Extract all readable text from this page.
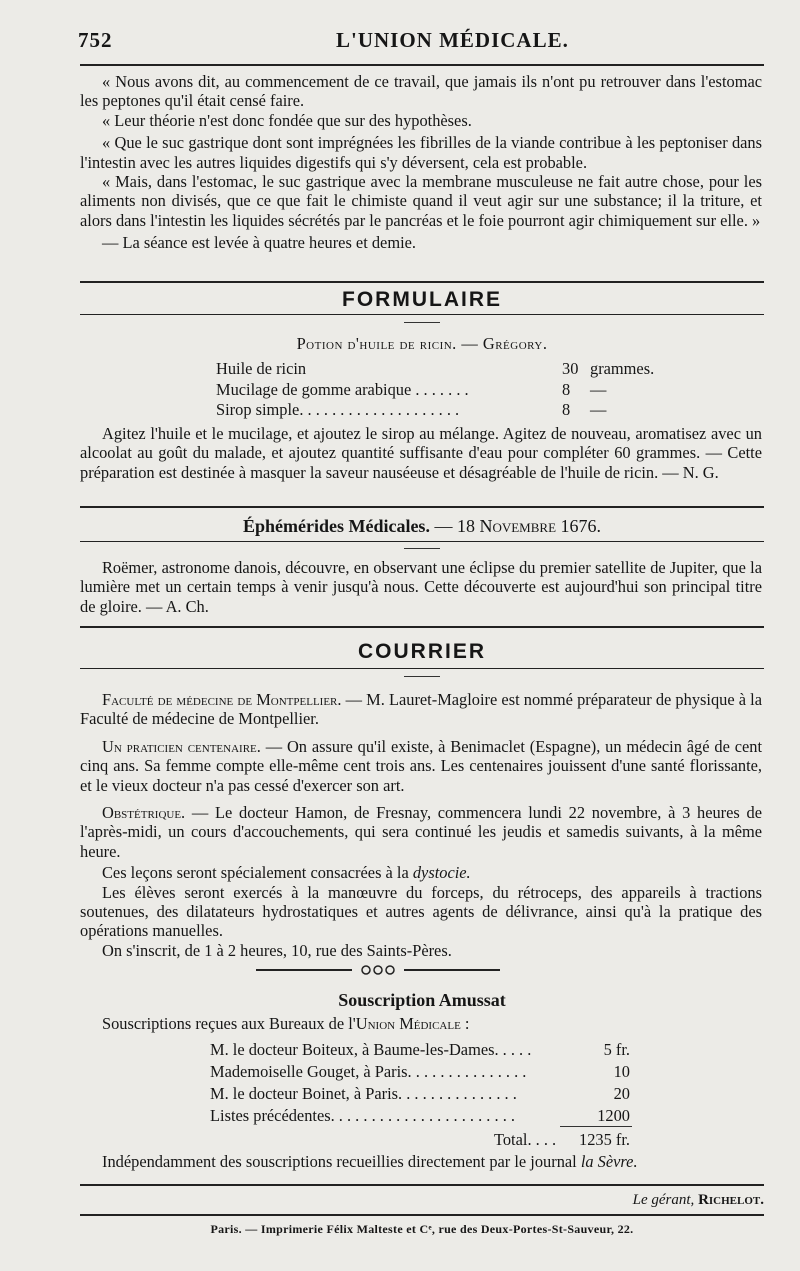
752	L'UNION MÉDICALE.

« Nous avons dit, au commencement de ce travail, que jamais ils n'ont pu retrouver dans l'estomac les peptones qu'il était censé faire.

« Leur théorie n'est donc fondée que sur des hypothèses.

« Que le suc gastrique dont sont imprégnées les fibrilles de la viande contribue à les peptoniser dans l'intestin avec les autres liquides digestifs qui s'y déversent, cela est probable.

« Mais, dans l'estomac, le suc gastrique avec la membrane musculeuse ne fait autre chose, pour les aliments non divisés, que ce que fait le chimiste quand il veut agir sur une substance; il la triture, et alors dans l'intestin les liquides sécrétés par le pancréas et le foie pourront agir chimiquement sur elle. »

— La séance est levée à quatre heures et demie.

FORMULAIRE
Potion d'huile de ricin. — Grégory.
Huile de ricin	30 grammes.
Mucilage de gomme arabique . . . . . . .	8 —
Sirop simple. . . . . . . . . . . . . . . . . . . .	8 —

Agitez l'huile et le mucilage, et ajoutez le sirop au mélange. Agitez de nouveau, aromatisez avec un alcoolat au goût du malade, et ajoutez quantité suffisante d'eau pour compléter 60 grammes. — Cette préparation est destinée à masquer la saveur nauséeuse et désagréable de l'huile de ricin. — N. G.

Éphémérides Médicales. — 18 Novembre 1676.

Roëmer, astronome danois, découvre, en observant une éclipse du premier satellite de Jupiter, que la lumière met un certain temps à venir jusqu'à nous. Cette découverte est aujourd'hui son principal titre de gloire. — A. Ch.

COURRIER

Faculté de médecine de Montpellier. — M. Lauret-Magloire est nommé préparateur de physique à la Faculté de médecine de Montpellier.

Un praticien centenaire. — On assure qu'il existe, à Benimaclet (Espagne), un médecin âgé de cent cinq ans. Sa femme compte elle-même cent trois ans. Les centenaires jouissent d'une santé florissante, et le vieux docteur n'a pas cessé d'exercer son art.

Obstétrique. — Le docteur Hamon, de Fresnay, commencera lundi 22 novembre, à 3 heures de l'après-midi, un cours d'accouchements, qui sera continué les jeudis et samedis suivants, à la même heure.

Ces leçons seront spécialement consacrées à la dystocie.

Les élèves seront exercés à la manœuvre du forceps, du rétroceps, des appareils à tractions soutenues, des dilatateurs hydrostatiques et autres agents de délivrance, ainsi qu'à la pratique des opérations manuelles.

On s'inscrit, de 1 à 2 heures, 10, rue des Saints-Pères.

Souscription Amussat

Souscriptions reçues aux Bureaux de l'Union Médicale :

M. le docteur Boiteux, à Baume-les-Dames. . . . .	5 fr.
Mademoiselle Gouget, à Paris. . . . . . . . . . . . . . .	10
M. le docteur Boinet, à Paris. . . . . . . . . . . . . . .	20
Listes précédentes. . . . . . . . . . . . . . . . . . . . . . .	1200
Total. . . . 1235 fr.

Indépendamment des souscriptions recueillies directement par le journal la Sèvre.

Le gérant, Richelot.
Paris. — Imprimerie Félix Malteste et Cᵉ, rue des Deux-Portes-St-Sauveur, 22.
